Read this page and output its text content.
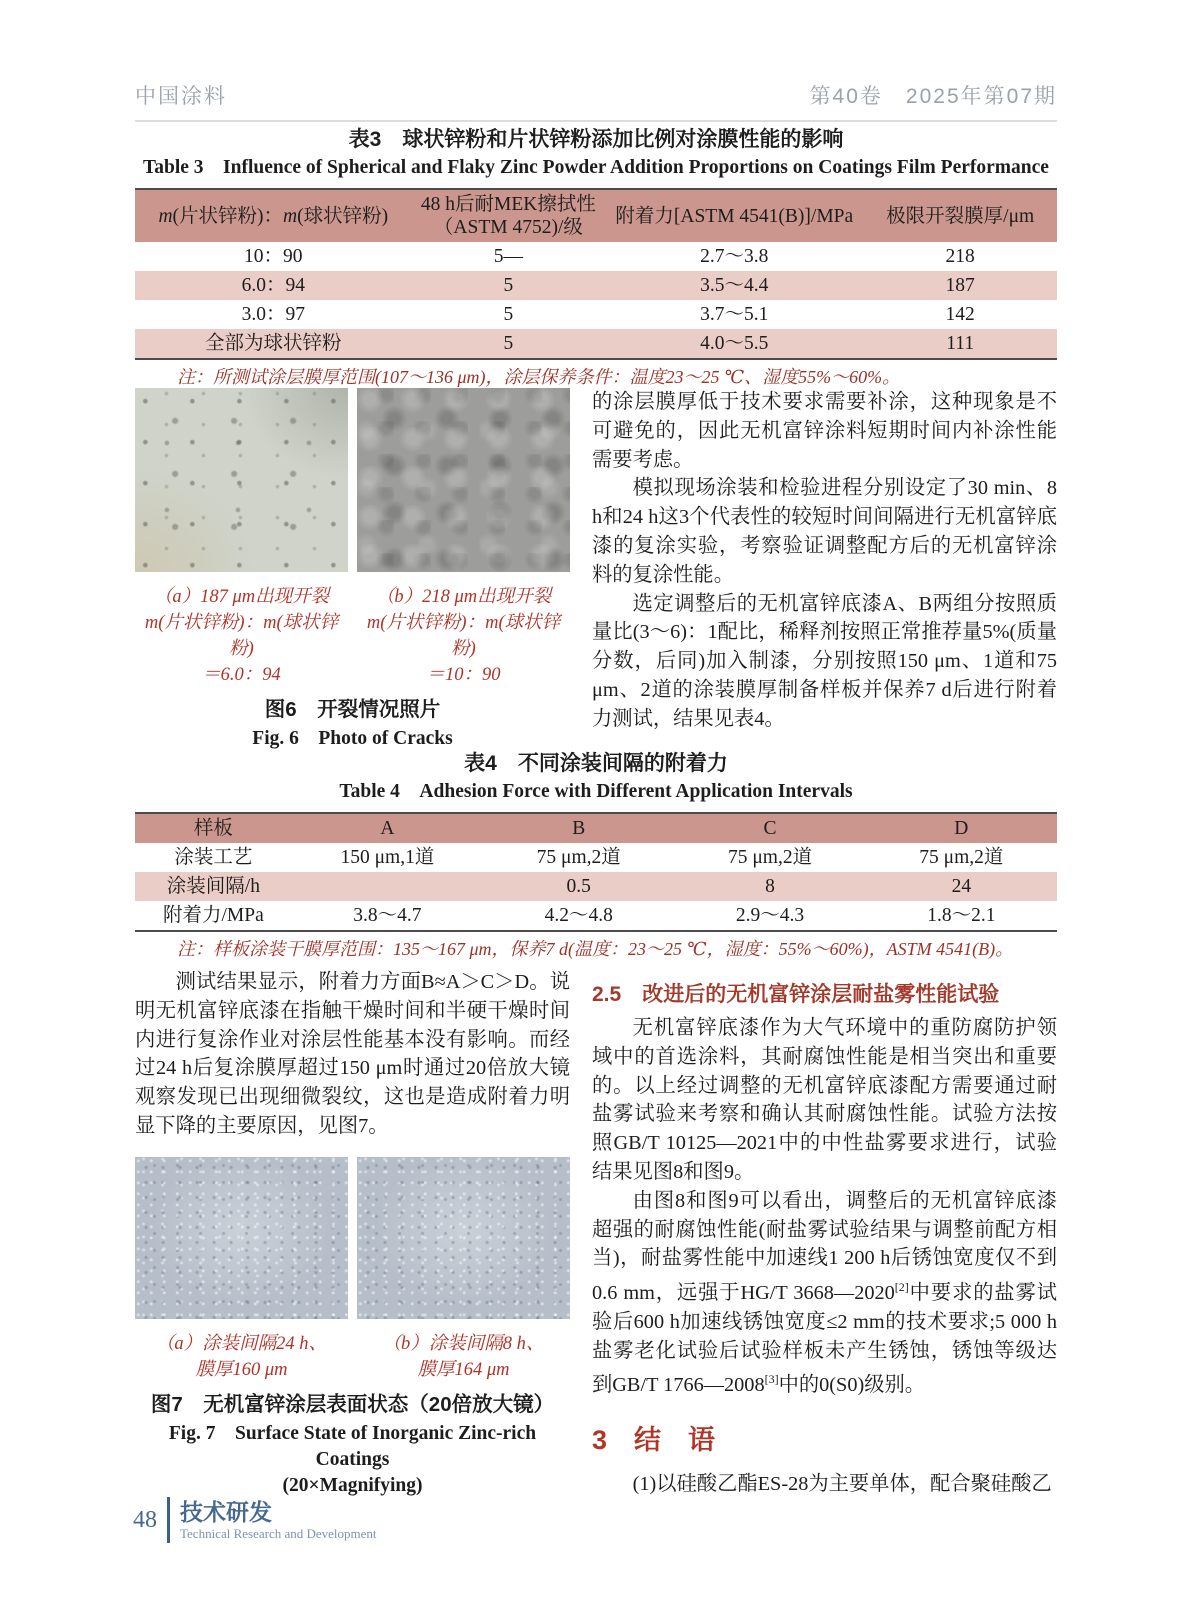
中国涂料	第40卷　2025年第07期
表3　球状锌粉和片状锌粉添加比例对涂膜性能的影响
Table 3　Influence of Spherical and Flaky Zinc Powder Addition Proportions on Coatings Film Performance
m(片状锌粉)：m(球状锌粉)	48 h后耐MEK擦拭性（ASTM 4752)/级	附着力[ASTM 4541(B)]/MPa	极限开裂膜厚/μm
10：90	5—	2.7～3.8	218
6.0：94	5	3.5～4.4	187
3.0：97	5	3.7～5.1	142
全部为球状锌粉	5	4.0～5.5	111
注：所测试涂层膜厚范围(107～136 μm)，涂层保养条件：温度23～25 ℃、湿度55%～60%。
（a）187 μm出现开裂
m(片状锌粉)：m(球状锌粉)
＝6.0：94
（b）218 μm出现开裂
m(片状锌粉)：m(球状锌粉)
＝10：90
图6　开裂情况照片
Fig. 6　Photo of Cracks

的涂层膜厚低于技术要求需要补涂，这种现象是不可避免的，因此无机富锌涂料短期时间内补涂性能需要考虑。

模拟现场涂装和检验进程分别设定了30 min、8 h和24 h这3个代表性的较短时间间隔进行无机富锌底漆的复涂实验，考察验证调整配方后的无机富锌涂料的复涂性能。

选定调整后的无机富锌底漆A、B两组分按照质量比(3～6)：1配比，稀释剂按照正常推荐量5%(质量分数，后同)加入制漆，分别按照150 μm、1道和75 μm、2道的涂装膜厚制备样板并保养7 d后进行附着力测试，结果见表4。

表4　不同涂装间隔的附着力
Table 4　Adhesion Force with Different Application Intervals
样板	A	B	C	D
涂装工艺	150 μm,1道	75 μm,2道	75 μm,2道	75 μm,2道
涂装间隔/h		0.5	8	24
附着力/MPa	3.8～4.7	4.2～4.8	2.9～4.3	1.8～2.1
注：样板涂装干膜厚范围：135～167 μm，保养7 d(温度：23～25 ℃，湿度：55%～60%)，ASTM 4541(B)。

测试结果显示，附着力方面B≈A＞C＞D。说明无机富锌底漆在指触干燥时间和半硬干燥时间内进行复涂作业对涂层性能基本没有影响。而经过24 h后复涂膜厚超过150 μm时通过20倍放大镜观察发现已出现细微裂纹，这也是造成附着力明显下降的主要原因，见图7。

（a）涂装间隔24 h、
膜厚160 μm
（b）涂装间隔8 h、
膜厚164 μm
图7　无机富锌涂层表面状态（20倍放大镜）
Fig. 7　Surface State of Inorganic Zinc-rich Coatings
(20×Magnifying)
2.5　改进后的无机富锌涂层耐盐雾性能试验

无机富锌底漆作为大气环境中的重防腐防护领域中的首选涂料，其耐腐蚀性能是相当突出和重要的。以上经过调整的无机富锌底漆配方需要通过耐盐雾试验来考察和确认其耐腐蚀性能。试验方法按照GB/T 10125—2021中的中性盐雾要求进行，试验结果见图8和图9。

由图8和图9可以看出，调整后的无机富锌底漆超强的耐腐蚀性能(耐盐雾试验结果与调整前配方相当)，耐盐雾性能中加速线1 200 h后锈蚀宽度仅不到0.6 mm，远强于HG/T 3668—2020[2]中要求的盐雾试验后600 h加速线锈蚀宽度≤2 mm的技术要求;5 000 h盐雾老化试验后试验样板未产生锈蚀，锈蚀等级达到GB/T 1766—2008[3]中的0(S0)级别。

3　结　语

(1)以硅酸乙酯ES-28为主要单体，配合聚硅酸乙

48 技术研发
Technical Research and Development
